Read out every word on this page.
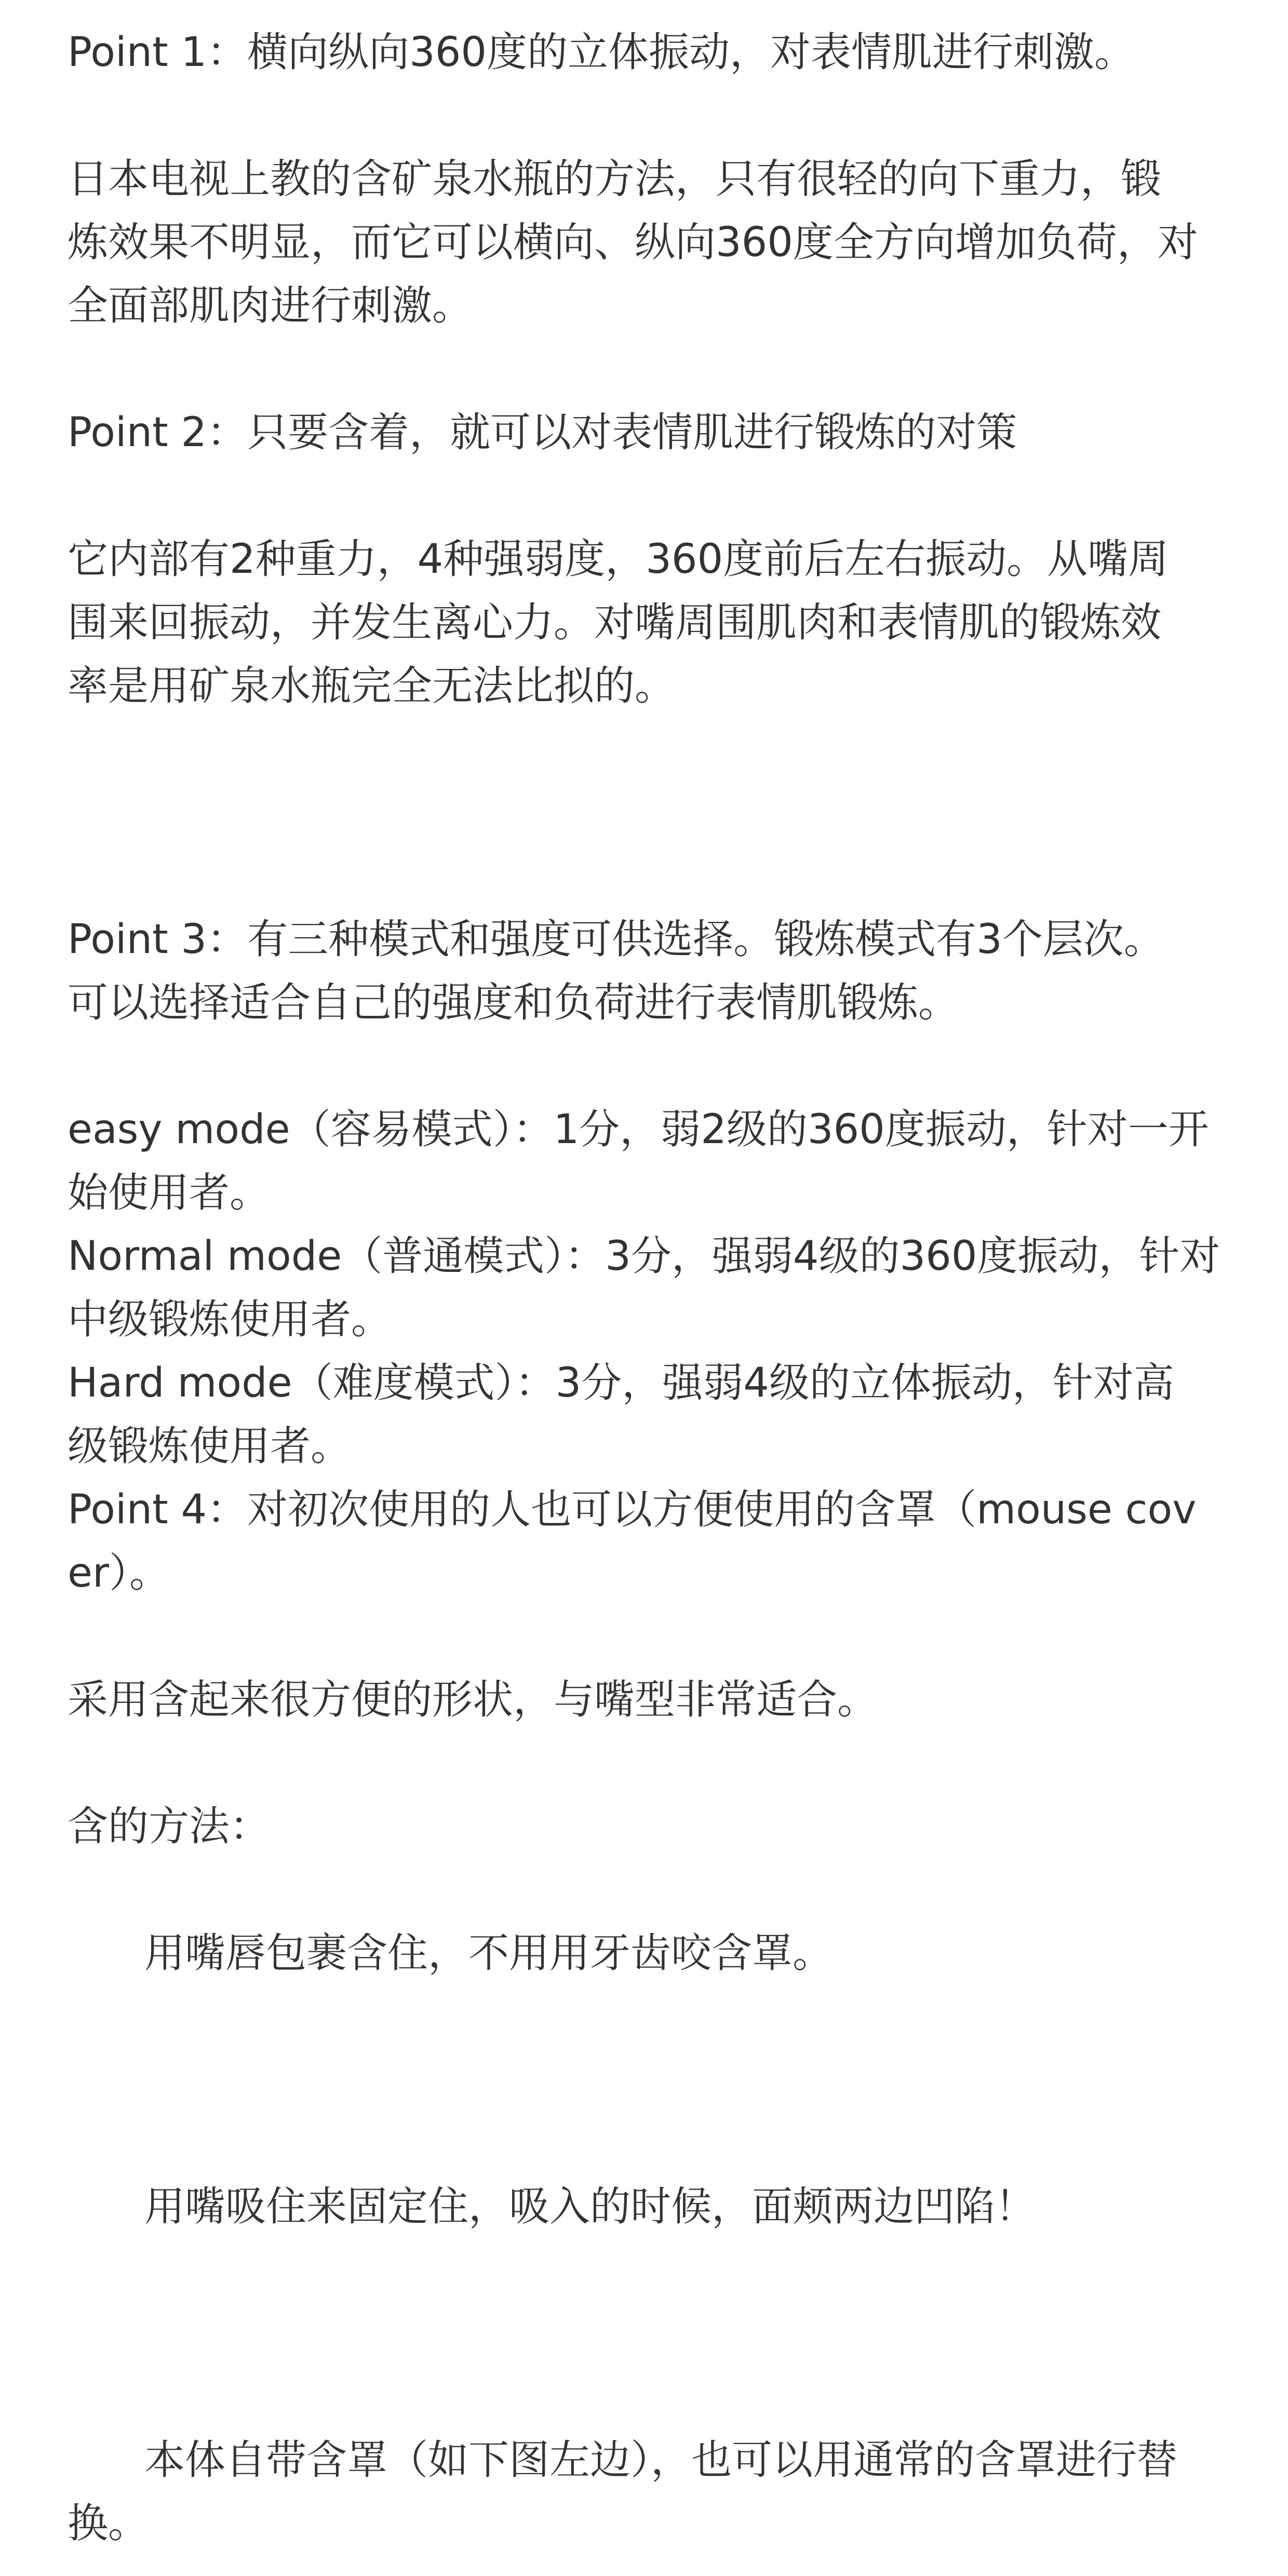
Point 1：横向纵向360度的立体振动，对表情肌进行刺激。

日本电视上教的含矿泉水瓶的方法，只有很轻的向下重力，锻
炼效果不明显，而它可以横向、纵向360度全方向增加负荷，对
全面部肌肉进行刺激。

Point 2：只要含着，就可以对表情肌进行锻炼的对策

它内部有2种重力，4种强弱度，360度前后左右振动。从嘴周
围来回振动，并发生离心力。对嘴周围肌肉和表情肌的锻炼效
率是用矿泉水瓶完全无法比拟的。

Point 3：有三种模式和强度可供选择。锻炼模式有3个层次。
可以选择适合自己的强度和负荷进行表情肌锻炼。

easy mode（容易模式）：1分，弱2级的360度振动，针对一开
始使用者。

Normal mode（普通模式）：3分，强弱4级的360度振动，针对
中级锻炼使用者。

Hard mode（难度模式）：3分，强弱4级的立体振动，针对高
级锻炼使用者。

Point 4：对初次使用的人也可以方便使用的含罩（mouse cov
er）。

采用含起来很方便的形状，与嘴型非常适合。

含的方法：

用嘴唇包裹含住，不用用牙齿咬含罩。

用嘴吸住来固定住，吸入的时候，面颊两边凹陷！

本体自带含罩（如下图左边），也可以用通常的含罩进行替
换。
